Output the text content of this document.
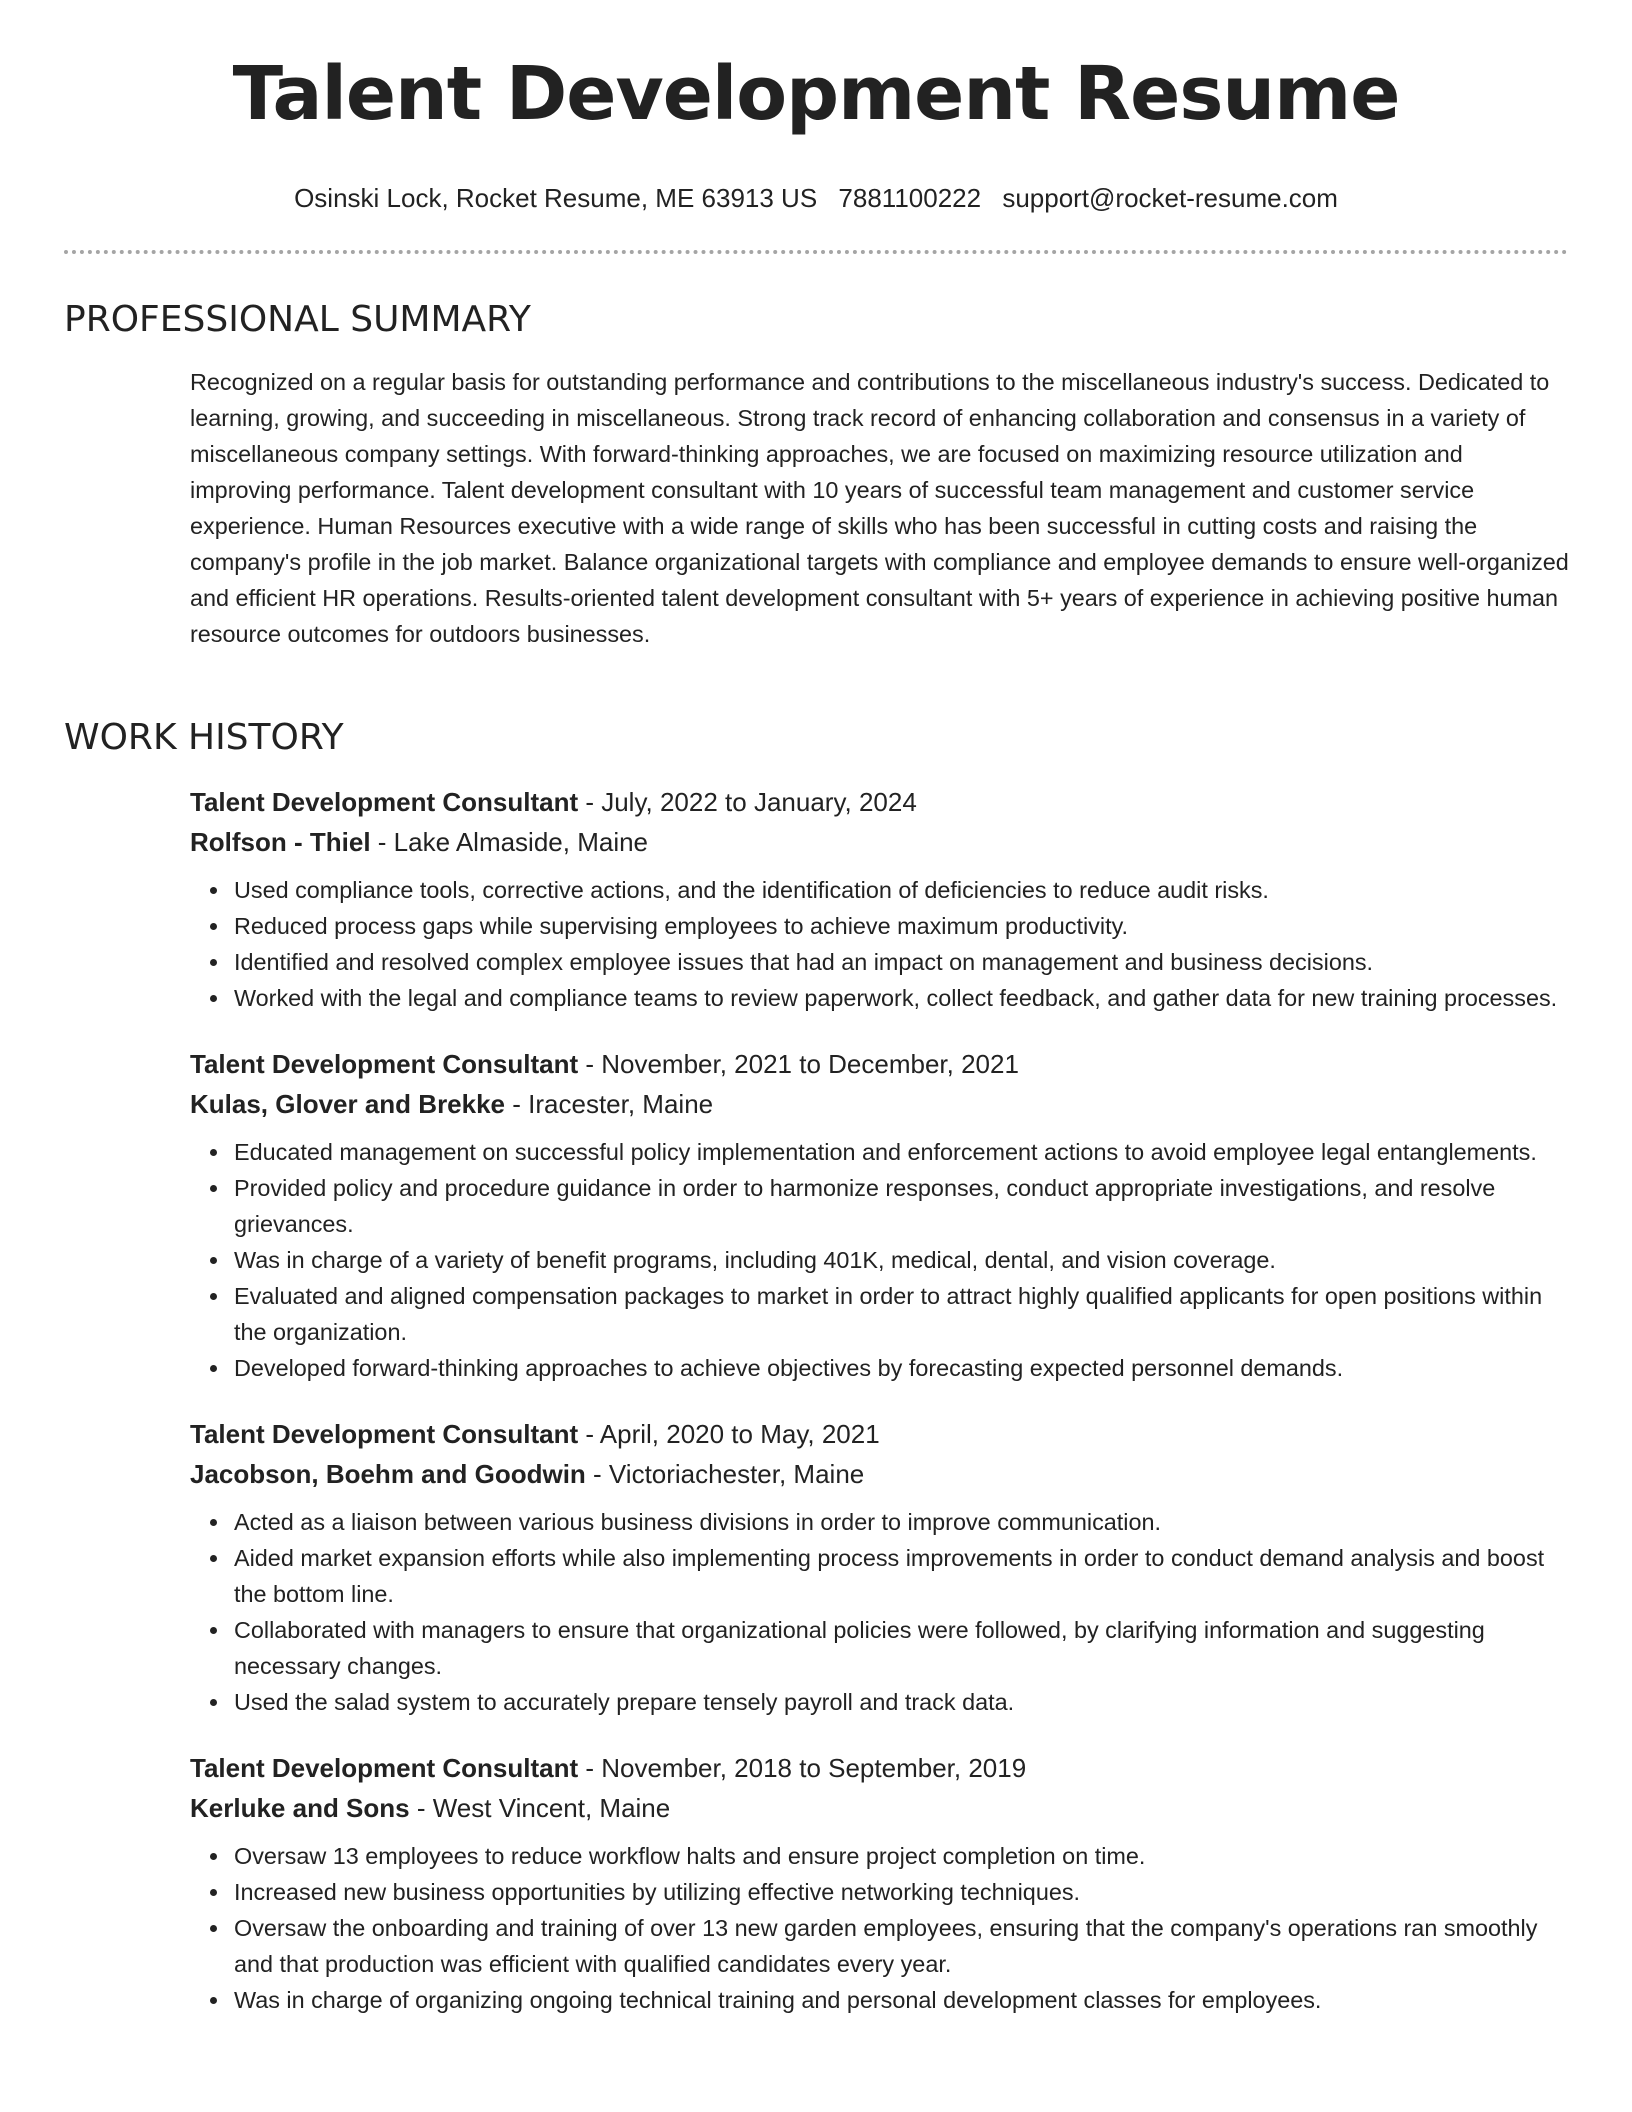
Talent Development Resume
Osinski Lock, Rocket Resume, ME 63913 US 7881100222 support@rocket-resume.com
PROFESSIONAL SUMMARY

Recognized on a regular basis for outstanding performance and contributions to the miscellaneous industry's success. Dedicated to learning, growing, and succeeding in miscellaneous. Strong track record of enhancing collaboration and consensus in a variety of miscellaneous company settings. With forward-thinking approaches, we are focused on maximizing resource utilization and improving performance. Talent development consultant with 10 years of successful team management and customer service experience. Human Resources executive with a wide range of skills who has been successful in cutting costs and raising the company's profile in the job market. Balance organizational targets with compliance and employee demands to ensure well-organized and efficient HR operations. Results-oriented talent development consultant with 5+ years of experience in achieving positive human resource outcomes for outdoors businesses.

WORK HISTORY
Talent Development Consultant - July, 2022 to January, 2024
Rolfson - Thiel - Lake Almaside, Maine
Used compliance tools, corrective actions, and the identification of deficiencies to reduce audit risks.
Reduced process gaps while supervising employees to achieve maximum productivity.
Identified and resolved complex employee issues that had an impact on management and business decisions.
Worked with the legal and compliance teams to review paperwork, collect feedback, and gather data for new training processes.
Talent Development Consultant - November, 2021 to December, 2021
Kulas, Glover and Brekke - Iracester, Maine
Educated management on successful policy implementation and enforcement actions to avoid employee legal entanglements.
Provided policy and procedure guidance in order to harmonize responses, conduct appropriate investigations, and resolve grievances.
Was in charge of a variety of benefit programs, including 401K, medical, dental, and vision coverage.
Evaluated and aligned compensation packages to market in order to attract highly qualified applicants for open positions within the organization.
Developed forward-thinking approaches to achieve objectives by forecasting expected personnel demands.
Talent Development Consultant - April, 2020 to May, 2021
Jacobson, Boehm and Goodwin - Victoriachester, Maine
Acted as a liaison between various business divisions in order to improve communication.
Aided market expansion efforts while also implementing process improvements in order to conduct demand analysis and boost the bottom line.
Collaborated with managers to ensure that organizational policies were followed, by clarifying information and suggesting necessary changes.
Used the salad system to accurately prepare tensely payroll and track data.
Talent Development Consultant - November, 2018 to September, 2019
Kerluke and Sons - West Vincent, Maine
Oversaw 13 employees to reduce workflow halts and ensure project completion on time.
Increased new business opportunities by utilizing effective networking techniques.
Oversaw the onboarding and training of over 13 new garden employees, ensuring that the company's operations ran smoothly and that production was efficient with qualified candidates every year.
Was in charge of organizing ongoing technical training and personal development classes for employees.
